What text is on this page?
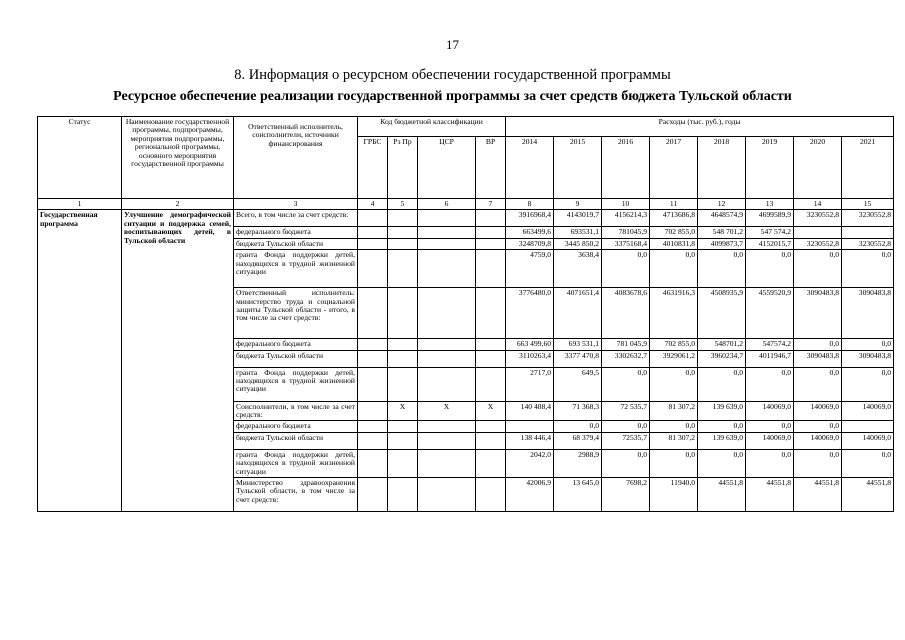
17
8. Информация о ресурсном обеспечении государственной программы
Ресурсное обеспечение реализации государственной программы за счет средств бюджета Тульской области
Статус	Наименование государственной программы, подпрограммы, мероприятия подпрограммы, региональной программы, основного мероприятия государственной программы	Ответственный исполнитель, соисполнители, источники финансирования	Код бюджетной классификации				Расходы (тыс. руб.), годы							
			ГРБС	Рз Пр	ЦСР	ВР	2014	2015	2016	2017	2018	2019	2020	2021
1	2	3	4	5	6	7	8	9	10	11	12	13	14	15
Государственная программа	Улучшение демографической ситуации и поддержка семей, воспитывающих детей, в Тульской области	Всего, в том числе за счет средств:					3916968,4	4143019,7	4156214,3	4713686,8	4648574,9	4699589,9	3230552,8	3230552,8
		федерального бюджета					663499,6	693531,1	781045,9	702 855,0	548 701,2	547 574,2		
		бюджета Тульской области					3248709,8	3445 850,2	3375168,4	4010831,8	4099873,7	4152015,7	3230552,8	3230552,8
		гранта Фонда поддержки детей, находящихся в трудной жизненной ситуации					4759,0	3638,4	0,0	0,0	0,0	0,0	0,0	0,0
		Ответственный исполнитель: министерство труда и социальной защиты Тульской области - итого, в том числе за счет средств:					3776480,0	4071651,4	4083678,6	4631916,3	4508935,9	4559520,9	3090483,8	3090483,8
		федерального бюджета					663 499,60	693 531,1	781 045,9	702 855,0	548701,2	547574,2	0,0	0,0
		бюджета Тульской области					3110263,4	3377 470,8	3302632,7	3929061,2	3960234,7	4011946,7	3090483,8	3090483,8
		гранта Фонда поддержки детей, находящихся в трудной жизненной ситуации					2717,0	649,5	0,0	0,0	0,0	0,0	0,0	0,0
		Соисполнители, в том числе за счет средств:		X	X	X	140 488,4	71 368,3	72 535,7	81 307,2	139 639,0	140069,0	140069,0	140069,0
		федерального бюджета						0,0	0,0	0,0	0,0	0,0	0,0	
		бюджета Тульской области					138 446,4	68 379,4	72535,7	81 307,2	139 639,0	140069,0	140069,0	140069,0
		гранта Фонда поддержки детей, находящихся в трудной жизненной ситуации					2042,0	2988,9	0,0	0,0	0,0	0,0	0,0	0,0
		Министерство здравоохранения Тульской области, в том числе за счет средств:					42006,9	13 645,0	7698,2	11940,0	44551,8	44551,8	44551,8	44551,8
